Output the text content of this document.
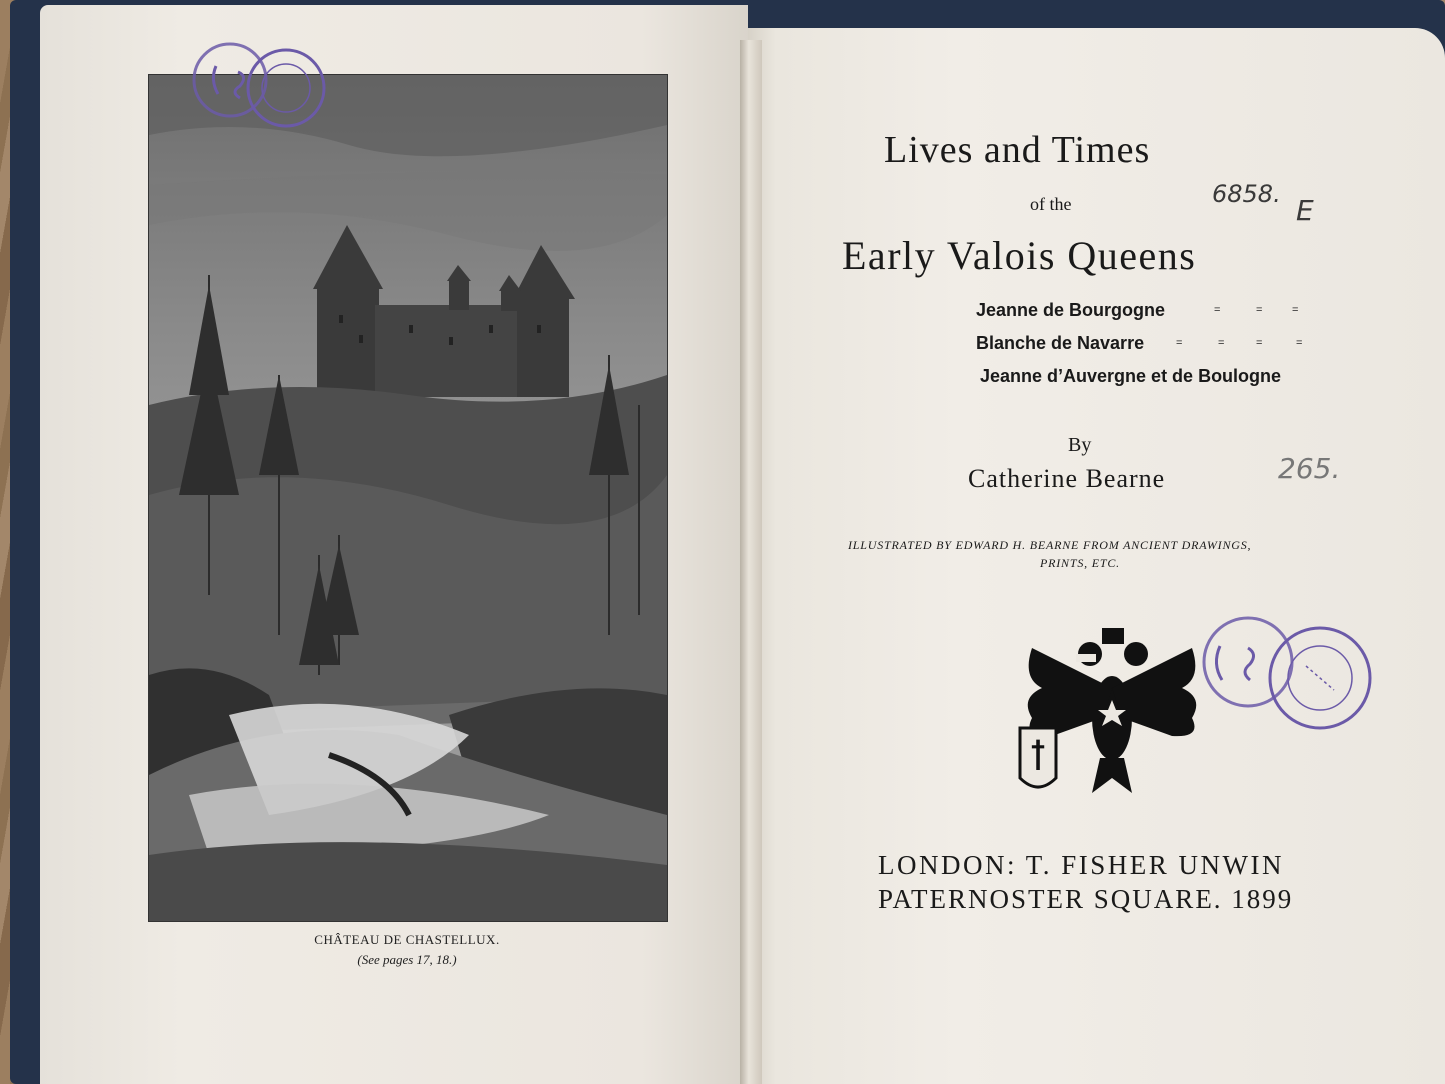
CHÂTEAU DE CHASTELLUX.
(See pages 17, 18.)
Lives and Times
of the
Early Valois Queens
Jeanne de Bourgogne
Blanche de Navarre
Jeanne d’Auvergne et de Boulogne
=	=	=
=	=	=	=
By
Catherine Bearne
ILLUSTRATED BY EDWARD H. BEARNE FROM ANCIENT DRAWINGS,
PRINTS, ETC.
6858. E
265.
ꝉ
LONDON: T. FISHER UNWIN
PATERNOSTER SQUARE. 1899
